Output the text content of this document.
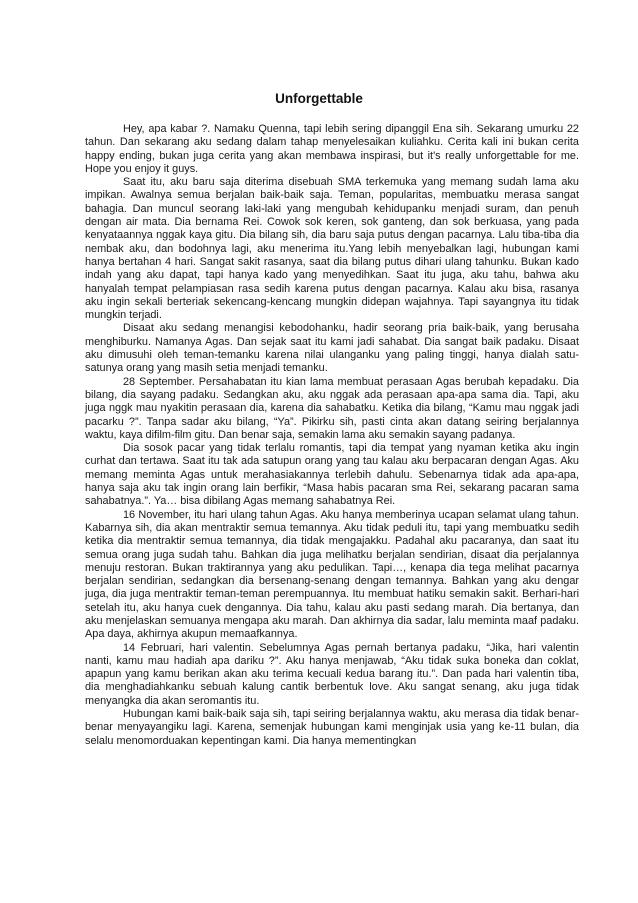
Unforgettable

Hey, apa kabar ?. Namaku Quenna, tapi lebih sering dipanggil Ena sih. Sekarang umurku 22 tahun. Dan sekarang aku sedang dalam tahap menyelesaikan kuliahku. Cerita kali ini bukan cerita happy ending, bukan juga cerita yang akan membawa inspirasi, but it's really unforgettable for me. Hope you enjoy it guys.

Saat itu, aku baru saja diterima disebuah SMA terkemuka yang memang sudah lama aku impikan. Awalnya semua berjalan baik-baik saja. Teman, popularitas, membuatku merasa sangat bahagia. Dan muncul seorang laki-laki yang mengubah kehidupanku menjadi suram, dan penuh dengan air mata. Dia bernama Rei. Cowok sok keren, sok ganteng, dan sok berkuasa, yang pada kenyataannya nggak kaya gitu. Dia bilang sih, dia baru saja putus dengan pacarnya. Lalu tiba-tiba dia nembak aku, dan bodohnya lagi, aku menerima itu.Yang lebih menyebalkan lagi, hubungan kami hanya bertahan 4 hari. Sangat sakit rasanya, saat dia bilang putus dihari ulang tahunku. Bukan kado indah yang aku dapat, tapi hanya kado yang menyedihkan. Saat itu juga, aku tahu, bahwa aku hanyalah tempat pelampiasan rasa sedih karena putus dengan pacarnya. Kalau aku bisa, rasanya aku ingin sekali berteriak sekencang-kencang mungkin didepan wajahnya. Tapi sayangnya itu tidak mungkin terjadi.

Disaat aku sedang menangisi kebodohanku, hadir seorang pria baik-baik, yang berusaha menghiburku. Namanya Agas. Dan sejak saat itu kami jadi sahabat. Dia sangat baik padaku. Disaat aku dimusuhi oleh teman-temanku karena nilai ulanganku yang paling tinggi, hanya dialah satu-satunya orang yang masih setia menjadi temanku.

28 September. Persahabatan itu kian lama membuat perasaan Agas berubah kepadaku. Dia bilang, dia sayang padaku. Sedangkan aku, aku nggak ada perasaan apa-apa sama dia. Tapi, aku juga nggk mau nyakitin perasaan dia, karena dia sahabatku. Ketika dia bilang, “Kamu mau nggak jadi pacarku ?”. Tanpa sadar aku bilang, “Ya”. Pikirku sih, pasti cinta akan datang seiring berjalannya waktu, kaya difilm-film gitu. Dan benar saja, semakin lama aku semakin sayang padanya.

Dia sosok pacar yang tidak terlalu romantis, tapi dia tempat yang nyaman ketika aku ingin curhat dan tertawa. Saat itu tak ada satupun orang yang tau kalau aku berpacaran dengan Agas. Aku memang meminta Agas untuk merahasiakannya terlebih dahulu. Sebenarnya tidak ada apa-apa, hanya saja aku tak ingin orang lain berfikir, “Masa habis pacaran sma Rei, sekarang pacaran sama sahabatnya.”. Ya… bisa dibilang Agas memang sahabatnya Rei.

16 November, itu hari ulang tahun Agas. Aku hanya memberinya ucapan selamat ulang tahun. Kabarnya sih, dia akan mentraktir semua temannya. Aku tidak peduli itu, tapi yang membuatku sedih ketika dia mentraktir semua temannya, dia tidak mengajakku. Padahal aku pacaranya, dan saat itu semua orang juga sudah tahu. Bahkan dia juga melihatku berjalan sendirian, disaat dia perjalannya menuju restoran. Bukan traktirannya yang aku pedulikan. Tapi…, kenapa dia tega melihat pacarnya berjalan sendirian, sedangkan dia bersenang-senang dengan temannya. Bahkan yang aku dengar juga, dia juga mentraktir teman-teman perempuannya. Itu membuat hatiku semakin sakit. Berhari-hari setelah itu, aku hanya cuek dengannya. Dia tahu, kalau aku pasti sedang marah. Dia bertanya, dan aku menjelaskan semuanya mengapa aku marah. Dan akhirnya dia sadar, lalu meminta maaf padaku. Apa daya, akhirnya akupun memaafkannya.

14 Februari, hari valentin. Sebelumnya Agas pernah bertanya padaku, “Jika, hari valentin nanti, kamu mau hadiah apa dariku ?”. Aku hanya menjawab, “Aku tidak suka boneka dan coklat, apapun yang kamu berikan akan aku terima kecuali kedua barang itu.”. Dan pada hari valentin tiba, dia menghadiahkanku sebuah kalung cantik berbentuk love. Aku sangat senang, aku juga tidak menyangka dia akan seromantis itu.

Hubungan kami baik-baik saja sih, tapi seiring berjalannya waktu, aku merasa dia tidak benar-benar menyayangiku lagi. Karena, semenjak hubungan kami menginjak usia yang ke-11 bulan, dia selalu menomorduakan kepentingan kami. Dia hanya mementingkan
